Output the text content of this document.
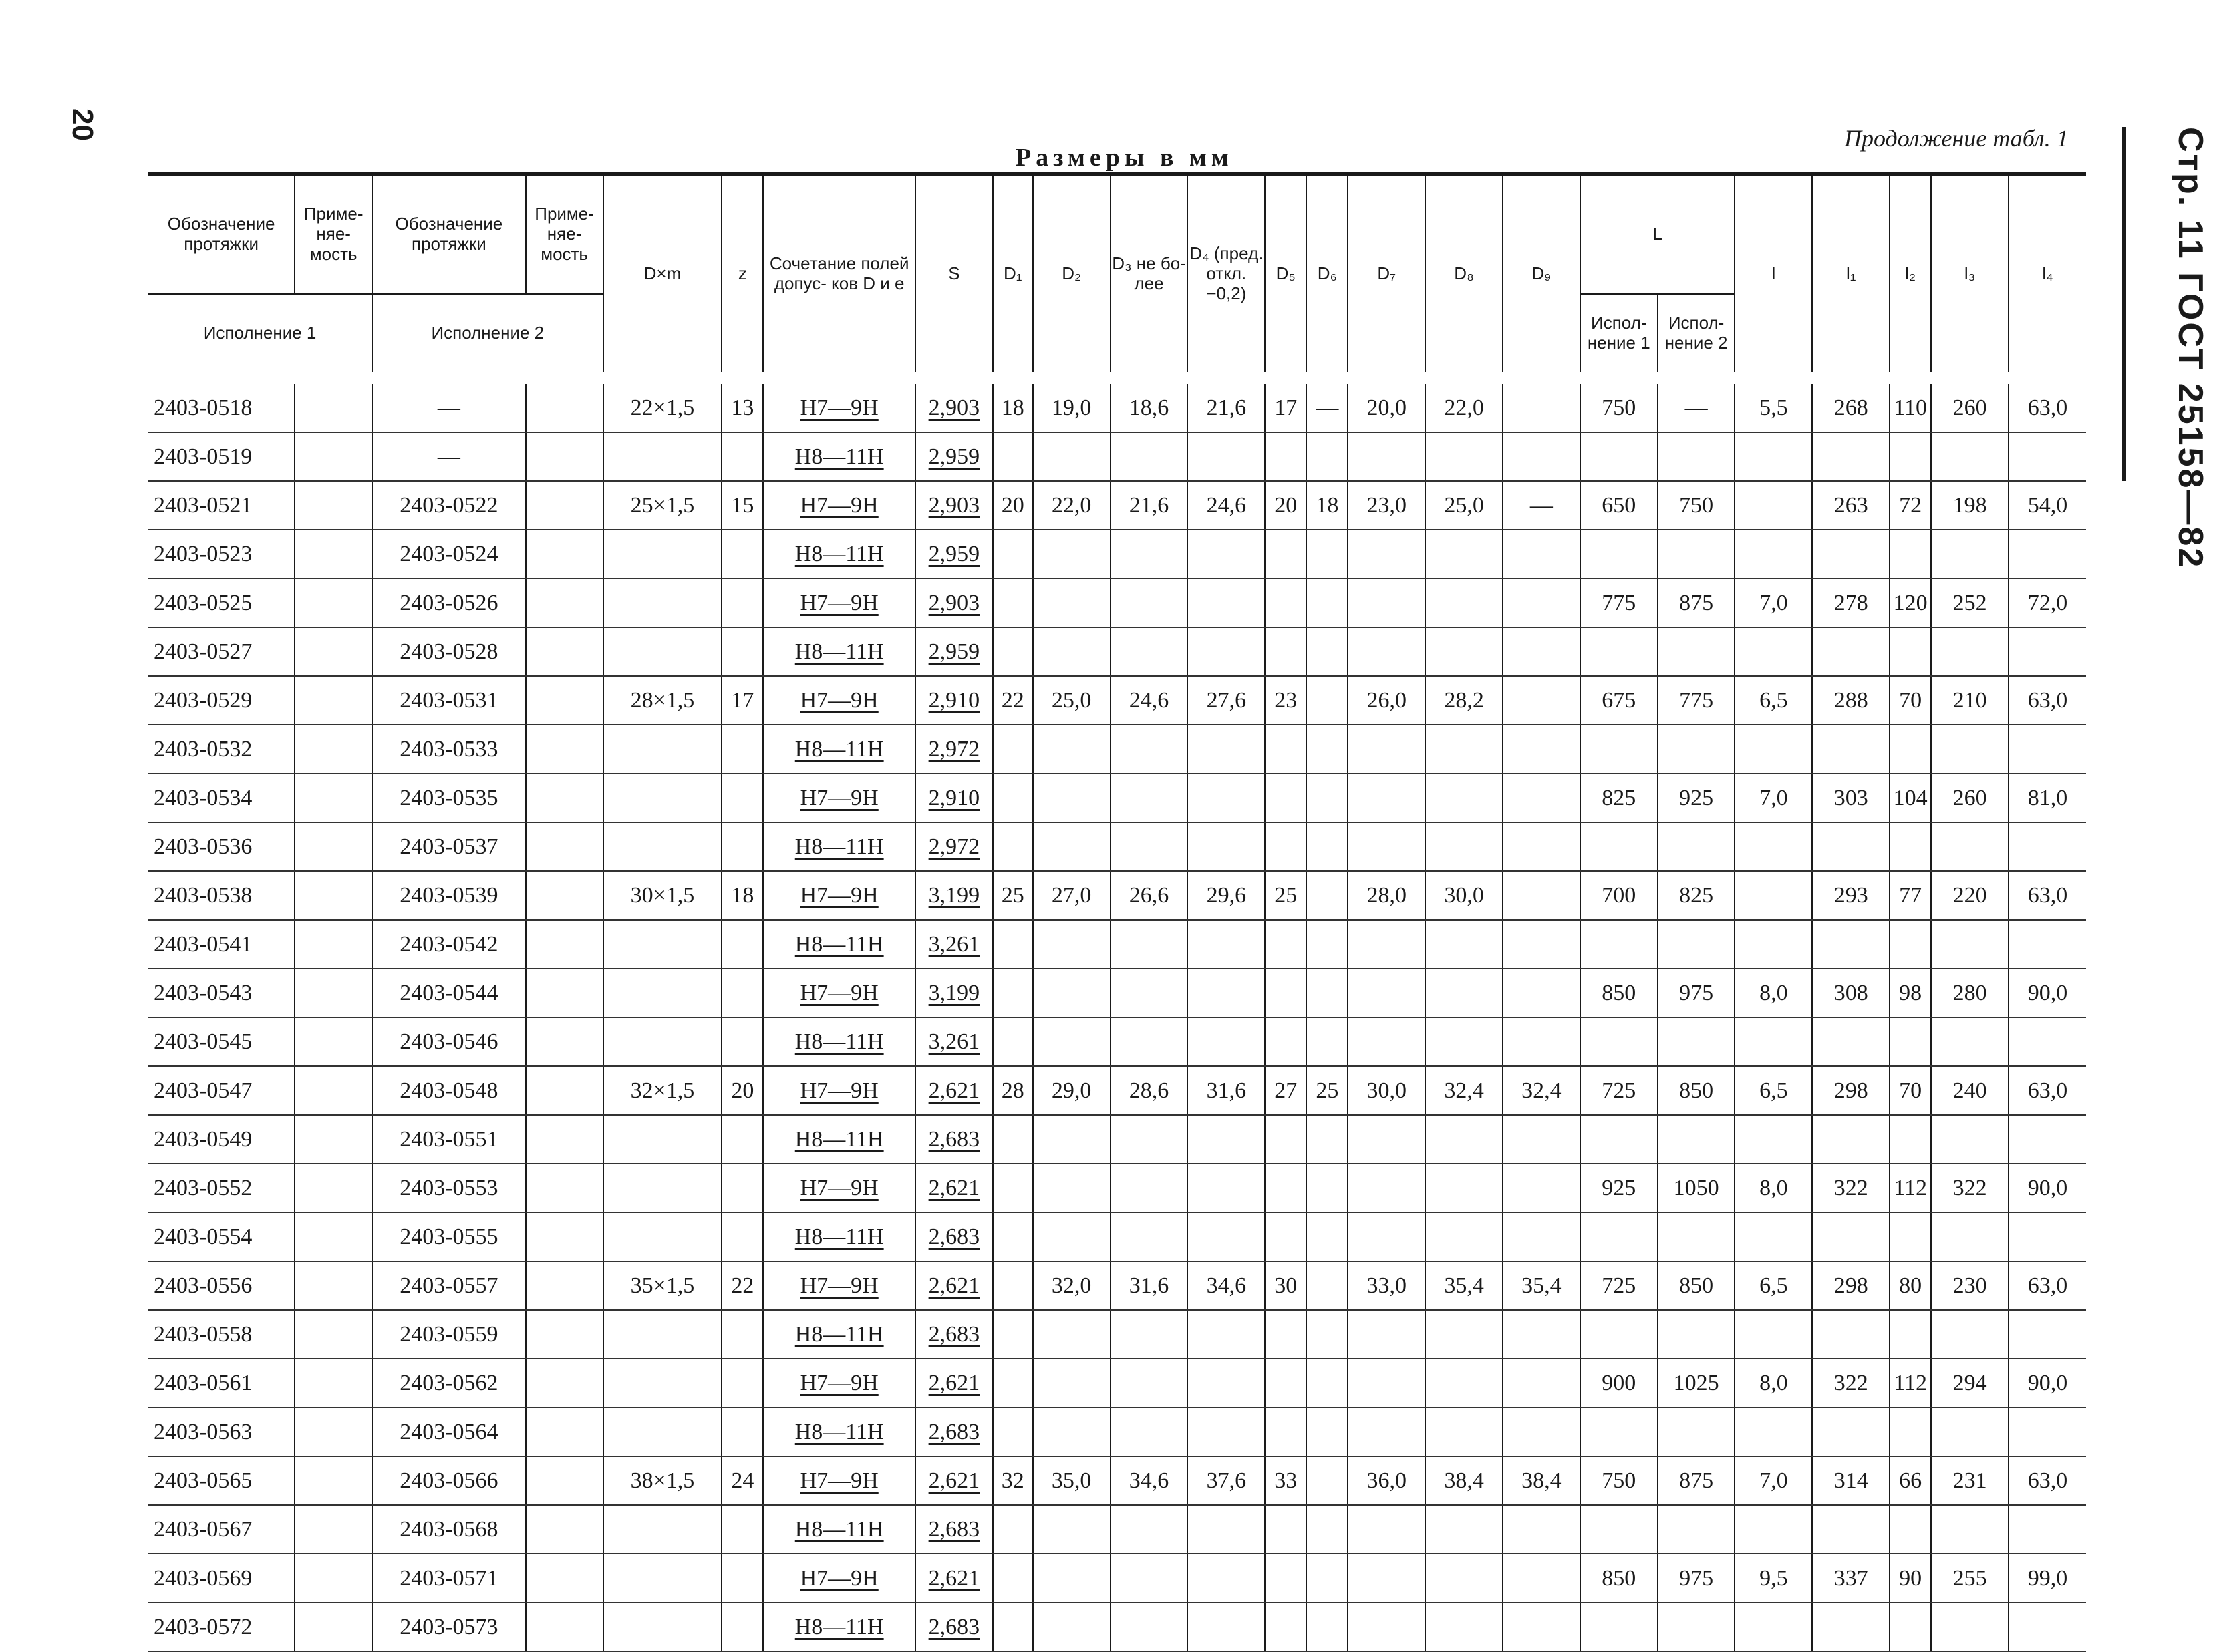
20	Продолжение табл. 1
Размеры в мм	Стр. 11 ГОСТ 25158—82
Обозначение протяжки	Приме- няе- мость	Обозначение протяжки	Приме- няе- мость	D×m	z	Сочетание полей допус- ков D и e	S	D₁	D₂	D₃ не бо- лее	D₄ (пред. откл. −0,2)	D₅	D₆	D₇	D₈	D₉	L		l	l₁	l₂	l₃	l₄
Исполнение 1		Исполнение 2															Испол- нение 1	Испол- нение 2					
2403-0518		—		22×1,5	13	H7—9H	2,903	18	19,0	18,6	21,6	17	—	20,0	22,0		750	—	5,5	268	110	260	63,0
2403-0519		—				H8—11H	2,959																
2403-0521		2403-0522		25×1,5	15	H7—9H	2,903	20	22,0	21,6	24,6	20	18	23,0	25,0	—	650	750		263	72	198	54,0
2403-0523		2403-0524				H8—11H	2,959																
2403-0525		2403-0526				H7—9H	2,903										775	875	7,0	278	120	252	72,0
2403-0527		2403-0528				H8—11H	2,959																
2403-0529		2403-0531		28×1,5	17	H7—9H	2,910	22	25,0	24,6	27,6	23		26,0	28,2		675	775	6,5	288	70	210	63,0
2403-0532		2403-0533				H8—11H	2,972																
2403-0534		2403-0535				H7—9H	2,910										825	925	7,0	303	104	260	81,0
2403-0536		2403-0537				H8—11H	2,972																
2403-0538		2403-0539		30×1,5	18	H7—9H	3,199	25	27,0	26,6	29,6	25		28,0	30,0		700	825		293	77	220	63,0
2403-0541		2403-0542				H8—11H	3,261																
2403-0543		2403-0544				H7—9H	3,199										850	975	8,0	308	98	280	90,0
2403-0545		2403-0546				H8—11H	3,261																
2403-0547		2403-0548		32×1,5	20	H7—9H	2,621	28	29,0	28,6	31,6	27	25	30,0	32,4	32,4	725	850	6,5	298	70	240	63,0
2403-0549		2403-0551				H8—11H	2,683																
2403-0552		2403-0553				H7—9H	2,621										925	1050	8,0	322	112	322	90,0
2403-0554		2403-0555				H8—11H	2,683																
2403-0556		2403-0557		35×1,5	22	H7—9H	2,621		32,0	31,6	34,6	30		33,0	35,4	35,4	725	850	6,5	298	80	230	63,0
2403-0558		2403-0559				H8—11H	2,683																
2403-0561		2403-0562				H7—9H	2,621										900	1025	8,0	322	112	294	90,0
2403-0563		2403-0564				H8—11H	2,683																
2403-0565		2403-0566		38×1,5	24	H7—9H	2,621	32	35,0	34,6	37,6	33		36,0	38,4	38,4	750	875	7,0	314	66	231	63,0
2403-0567		2403-0568				H8—11H	2,683																
2403-0569		2403-0571				H7—9H	2,621										850	975	9,5	337	90	255	99,0
2403-0572		2403-0573				H8—11H	2,683																
